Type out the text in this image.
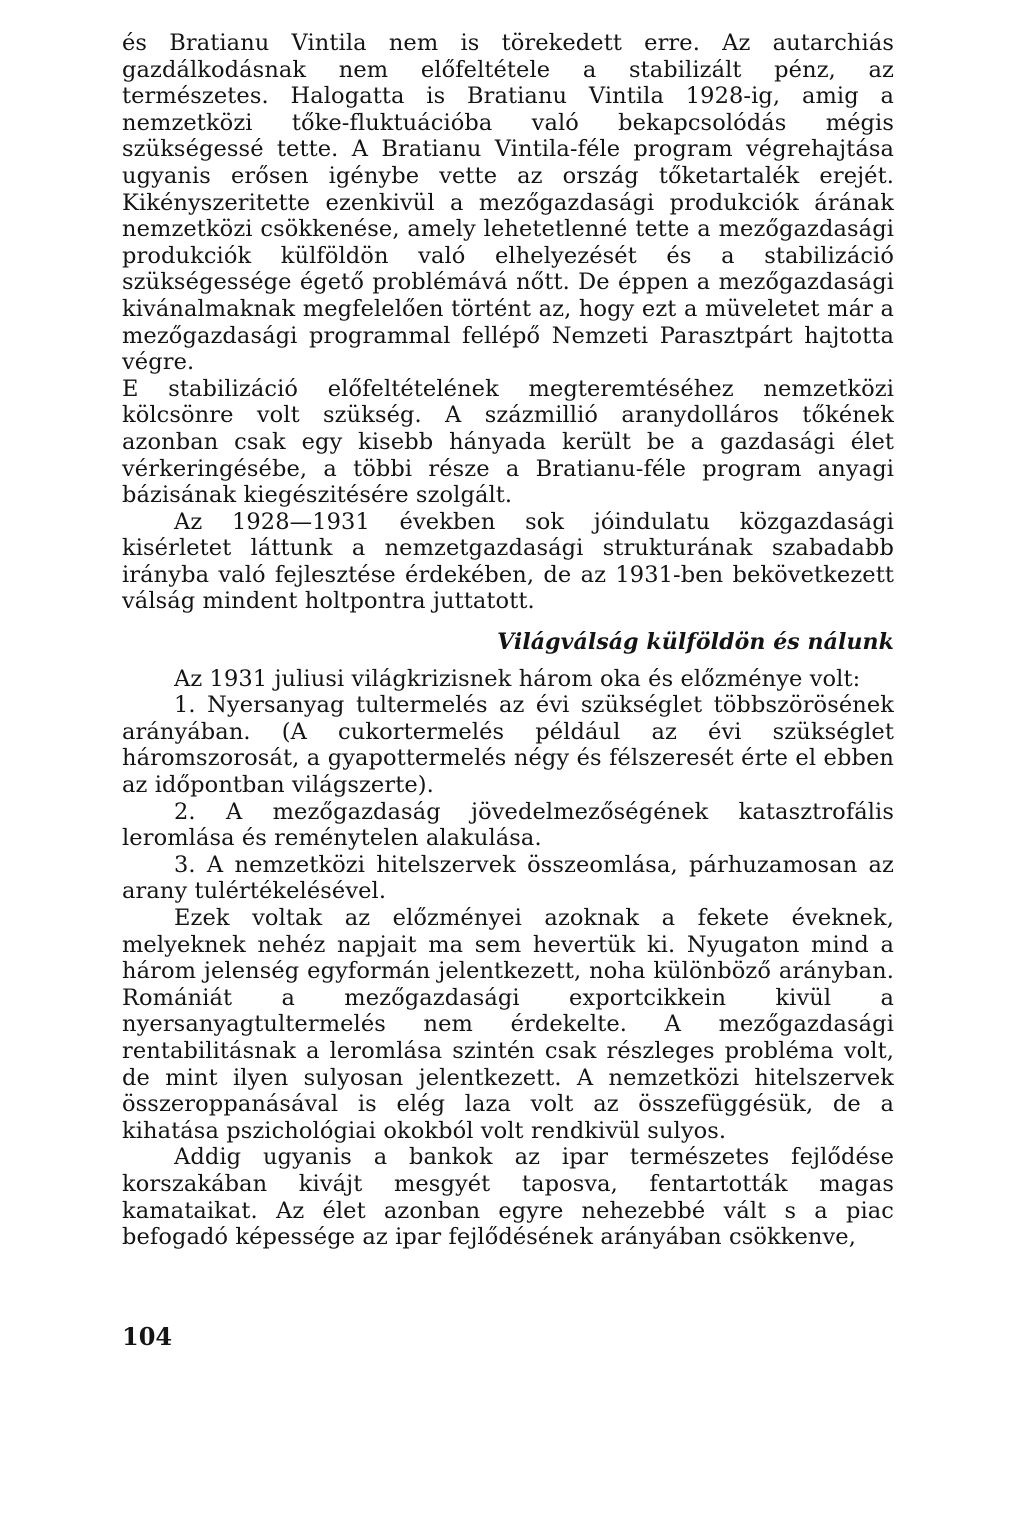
és Bratianu Vintila nem is törekedett erre. Az autarchiás gazdálkodásnak nem előfeltétele a stabilizált pénz, az természetes. Halogatta is Bratianu Vintila 1928-ig, amig a nemzetközi tőke-fluktuációba való bekapcsolódás mégis szükségessé tette. A Bratianu Vintila-féle program végrehajtása ugyanis erősen igénybe vette az ország tőketartalék erejét. Kikényszeritette ezenkivül a mezőgazdasági produkciók árának nemzetközi csökkenése, amely lehetetlenné tette a mezőgazdasági produkciók külföldön való elhelyezését és a stabilizáció szükségessége égető problémává nőtt. De éppen a mezőgazdasági kivánalmaknak megfelelően történt az, hogy ezt a müveletet már a mezőgazdasági programmal fellépő Nemzeti Parasztpárt hajtotta végre.

E stabilizáció előfeltételének megteremtéséhez nemzetközi kölcsönre volt szükség. A százmillió aranydolláros tőkének azonban csak egy kisebb hányada került be a gazdasági élet vérkeringésébe, a többi része a Bratianu-féle program anyagi bázisának kiegészitésére szolgált.

Az 1928—1931 években sok jóindulatu közgazdasági kisérletet láttunk a nemzetgazdasági strukturának szabadabb irányba való fejlesztése érdekében, de az 1931-ben bekövetkezett válság mindent holtpontra juttatott.

Világválság külföldön és nálunk

Az 1931 juliusi világkrizisnek három oka és előzménye volt:

1. Nyersanyag tultermelés az évi szükséglet többszörösének arányában. (A cukortermelés például az évi szükséglet háromszorosát, a gyapottermelés négy és félszeresét érte el ebben az időpontban világszerte).

2. A mezőgazdaság jövedelmezőségének katasztrofális leromlása és reménytelen alakulása.

3. A nemzetközi hitelszervek összeomlása, párhuzamosan az arany tulértékelésével.

Ezek voltak az előzményei azoknak a fekete éveknek, melyeknek nehéz napjait ma sem hevertük ki. Nyugaton mind a három jelenség egyformán jelentkezett, noha különböző arányban. Romániát a mezőgazdasági exportcikkein kivül a nyersanyagtultermelés nem érdekelte. A mezőgazdasági rentabilitásnak a leromlása szintén csak részleges probléma volt, de mint ilyen sulyosan jelentkezett. A nemzetközi hitelszervek összeroppanásával is elég laza volt az összefüggésük, de a kihatása pszichológiai okokból volt rendkivül sulyos.

Addig ugyanis a bankok az ipar természetes fejlődése korszakában kivájt mesgyét taposva, fentartották magas kamataikat. Az élet azonban egyre nehezebbé vált s a piac befogadó képessége az ipar fejlődésének arányában csökkenve,

104
